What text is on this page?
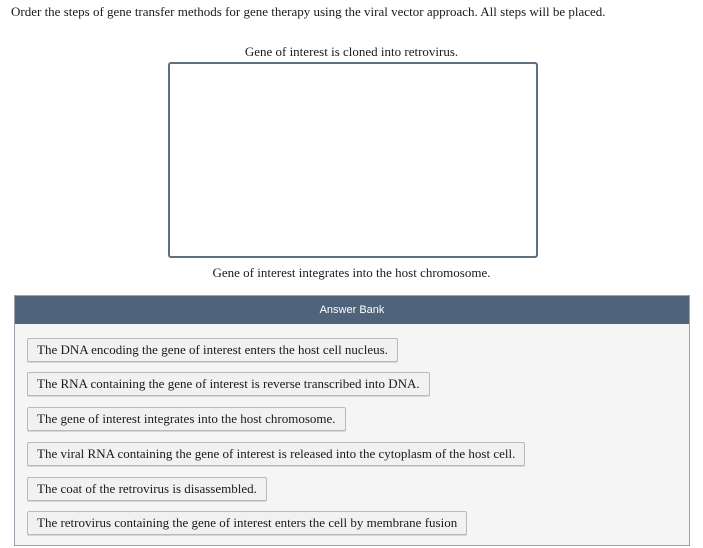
Order the steps of gene transfer methods for gene therapy using the viral vector approach. All steps will be placed.
Gene of interest is cloned into retrovirus.
Gene of interest integrates into the host chromosome.
Answer Bank
The DNA encoding the gene of interest enters the host cell nucleus.
The RNA containing the gene of interest is reverse transcribed into DNA.
The gene of interest integrates into the host chromosome.
The viral RNA containing the gene of interest is released into the cytoplasm of the host cell.
The coat of the retrovirus is disassembled.
The retrovirus containing the gene of interest enters the cell by membrane fusion
